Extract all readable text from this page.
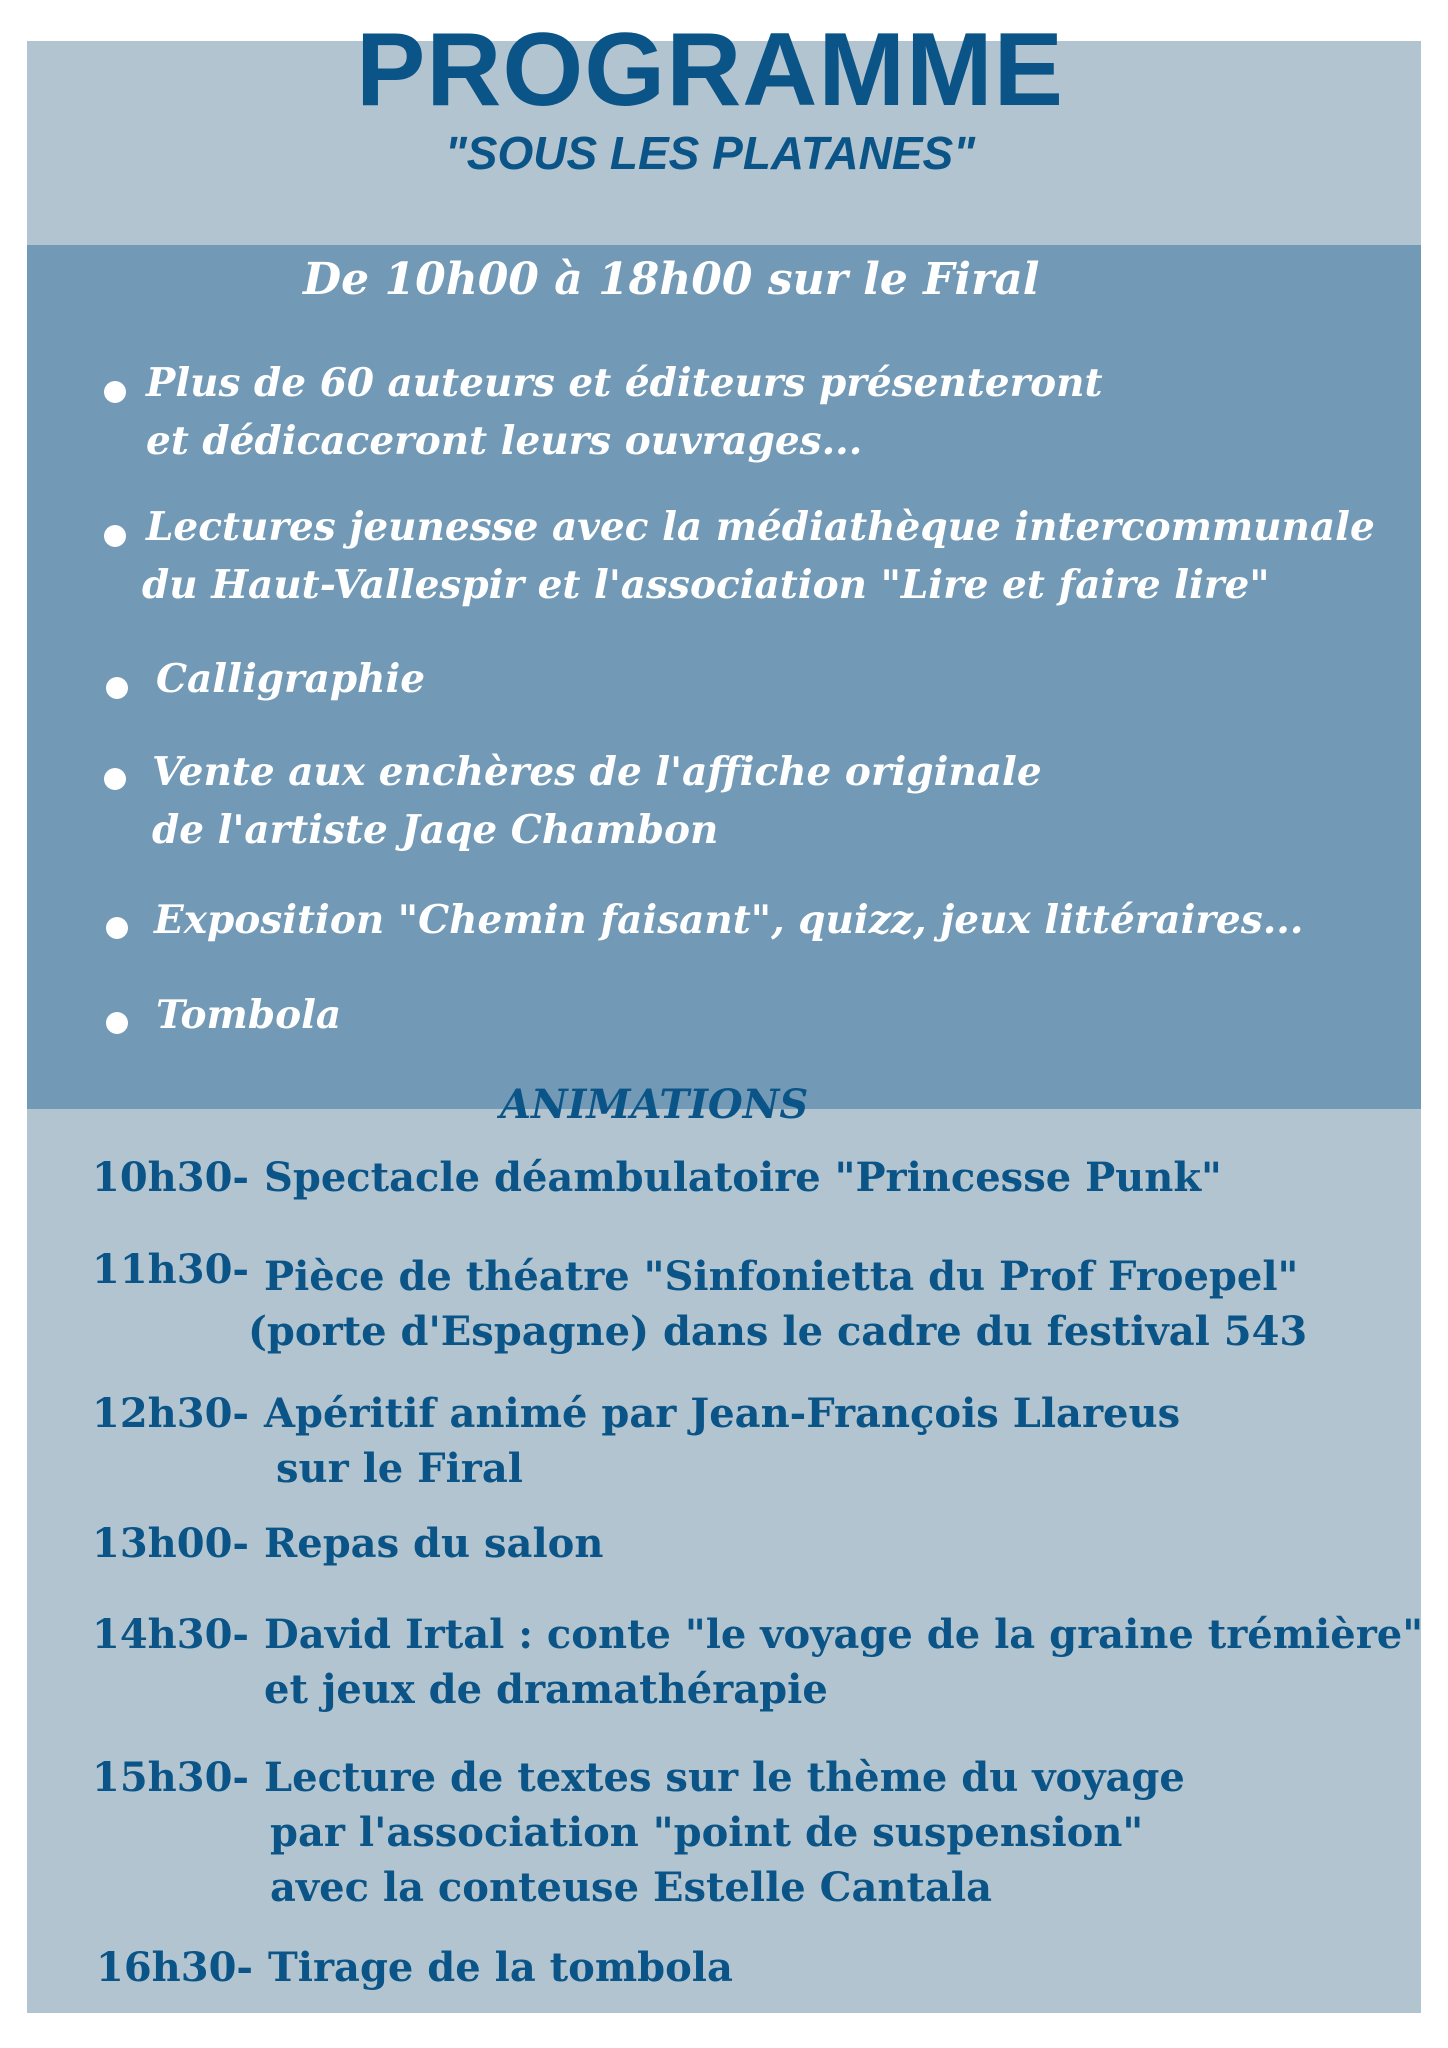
PROGRAMME
"SOUS LES PLATANES"
De 10h00 à 18h00 sur le Firal
Plus de 60 auteurs et éditeurs présenteront
et dédicaceront leurs ouvrages...
Lectures jeunesse avec la médiathèque intercommunale
du Haut-Vallespir et l'association "Lire et faire lire"
Calligraphie
Vente aux enchères de l'affiche originale
de l'artiste Jaqe Chambon
Exposition "Chemin faisant", quizz, jeux littéraires...
Tombola
ANIMATIONS
10h30- Spectacle déambulatoire "Princesse Punk"
11h30- Pièce de théatre "Sinfonietta du Prof Froepel"
(porte d'Espagne) dans le cadre du festival 543
12h30- Apéritif animé par Jean-François Llareus
sur le Firal
13h00- Repas du salon
14h30- David Irtal : conte "le voyage de la graine trémière"
et jeux de dramathérapie
15h30- Lecture de textes sur le thème du voyage
par l'association "point de suspension"
avec la conteuse Estelle Cantala
16h30- Tirage de la tombola
